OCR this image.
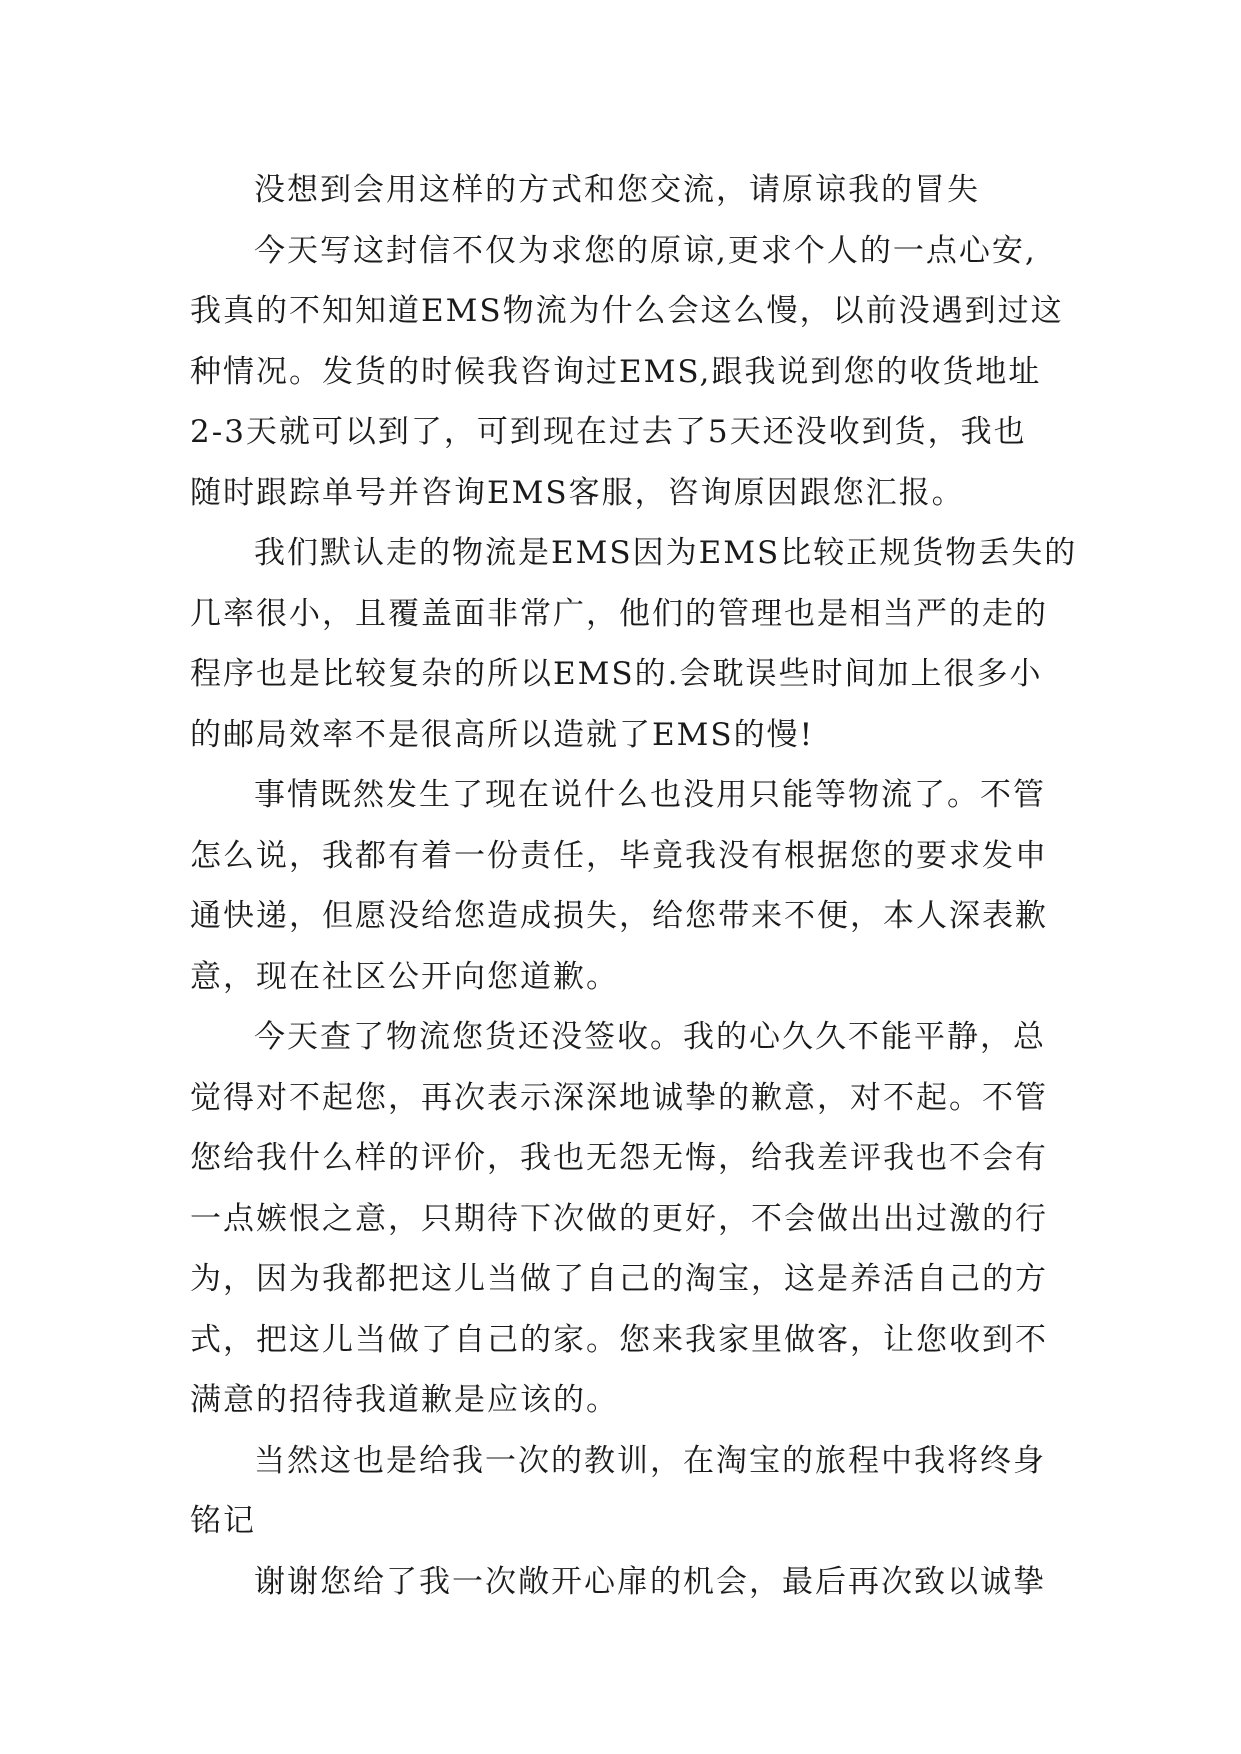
没想到会用这样的方式和您交流，请原谅我的冒失
今天写这封信不仅为求您的原谅,更求个人的一点心安,
我真的不知知道EMS物流为什么会这么慢，以前没遇到过这
种情况。发货的时候我咨询过EMS,跟我说到您的收货地址
2-3天就可以到了，可到现在过去了5天还没收到货，我也
随时跟踪单号并咨询EMS客服，咨询原因跟您汇报。
我们默认走的物流是EMS因为EMS比较正规货物丢失的
几率很小，且覆盖面非常广，他们的管理也是相当严的走的
程序也是比较复杂的所以EMS的.会耽误些时间加上很多小
的邮局效率不是很高所以造就了EMS的慢!
事情既然发生了现在说什么也没用只能等物流了。不管
怎么说，我都有着一份责任，毕竟我没有根据您的要求发申
通快递，但愿没给您造成损失，给您带来不便，本人深表歉
意，现在社区公开向您道歉。
今天查了物流您货还没签收。我的心久久不能平静，总
觉得对不起您，再次表示深深地诚挚的歉意，对不起。不管
您给我什么样的评价，我也无怨无悔，给我差评我也不会有
一点嫉恨之意，只期待下次做的更好，不会做出出过激的行
为，因为我都把这儿当做了自己的淘宝，这是养活自己的方
式，把这儿当做了自己的家。您来我家里做客，让您收到不
满意的招待我道歉是应该的。
当然这也是给我一次的教训，在淘宝的旅程中我将终身
铭记
谢谢您给了我一次敞开心扉的机会，最后再次致以诚挚
